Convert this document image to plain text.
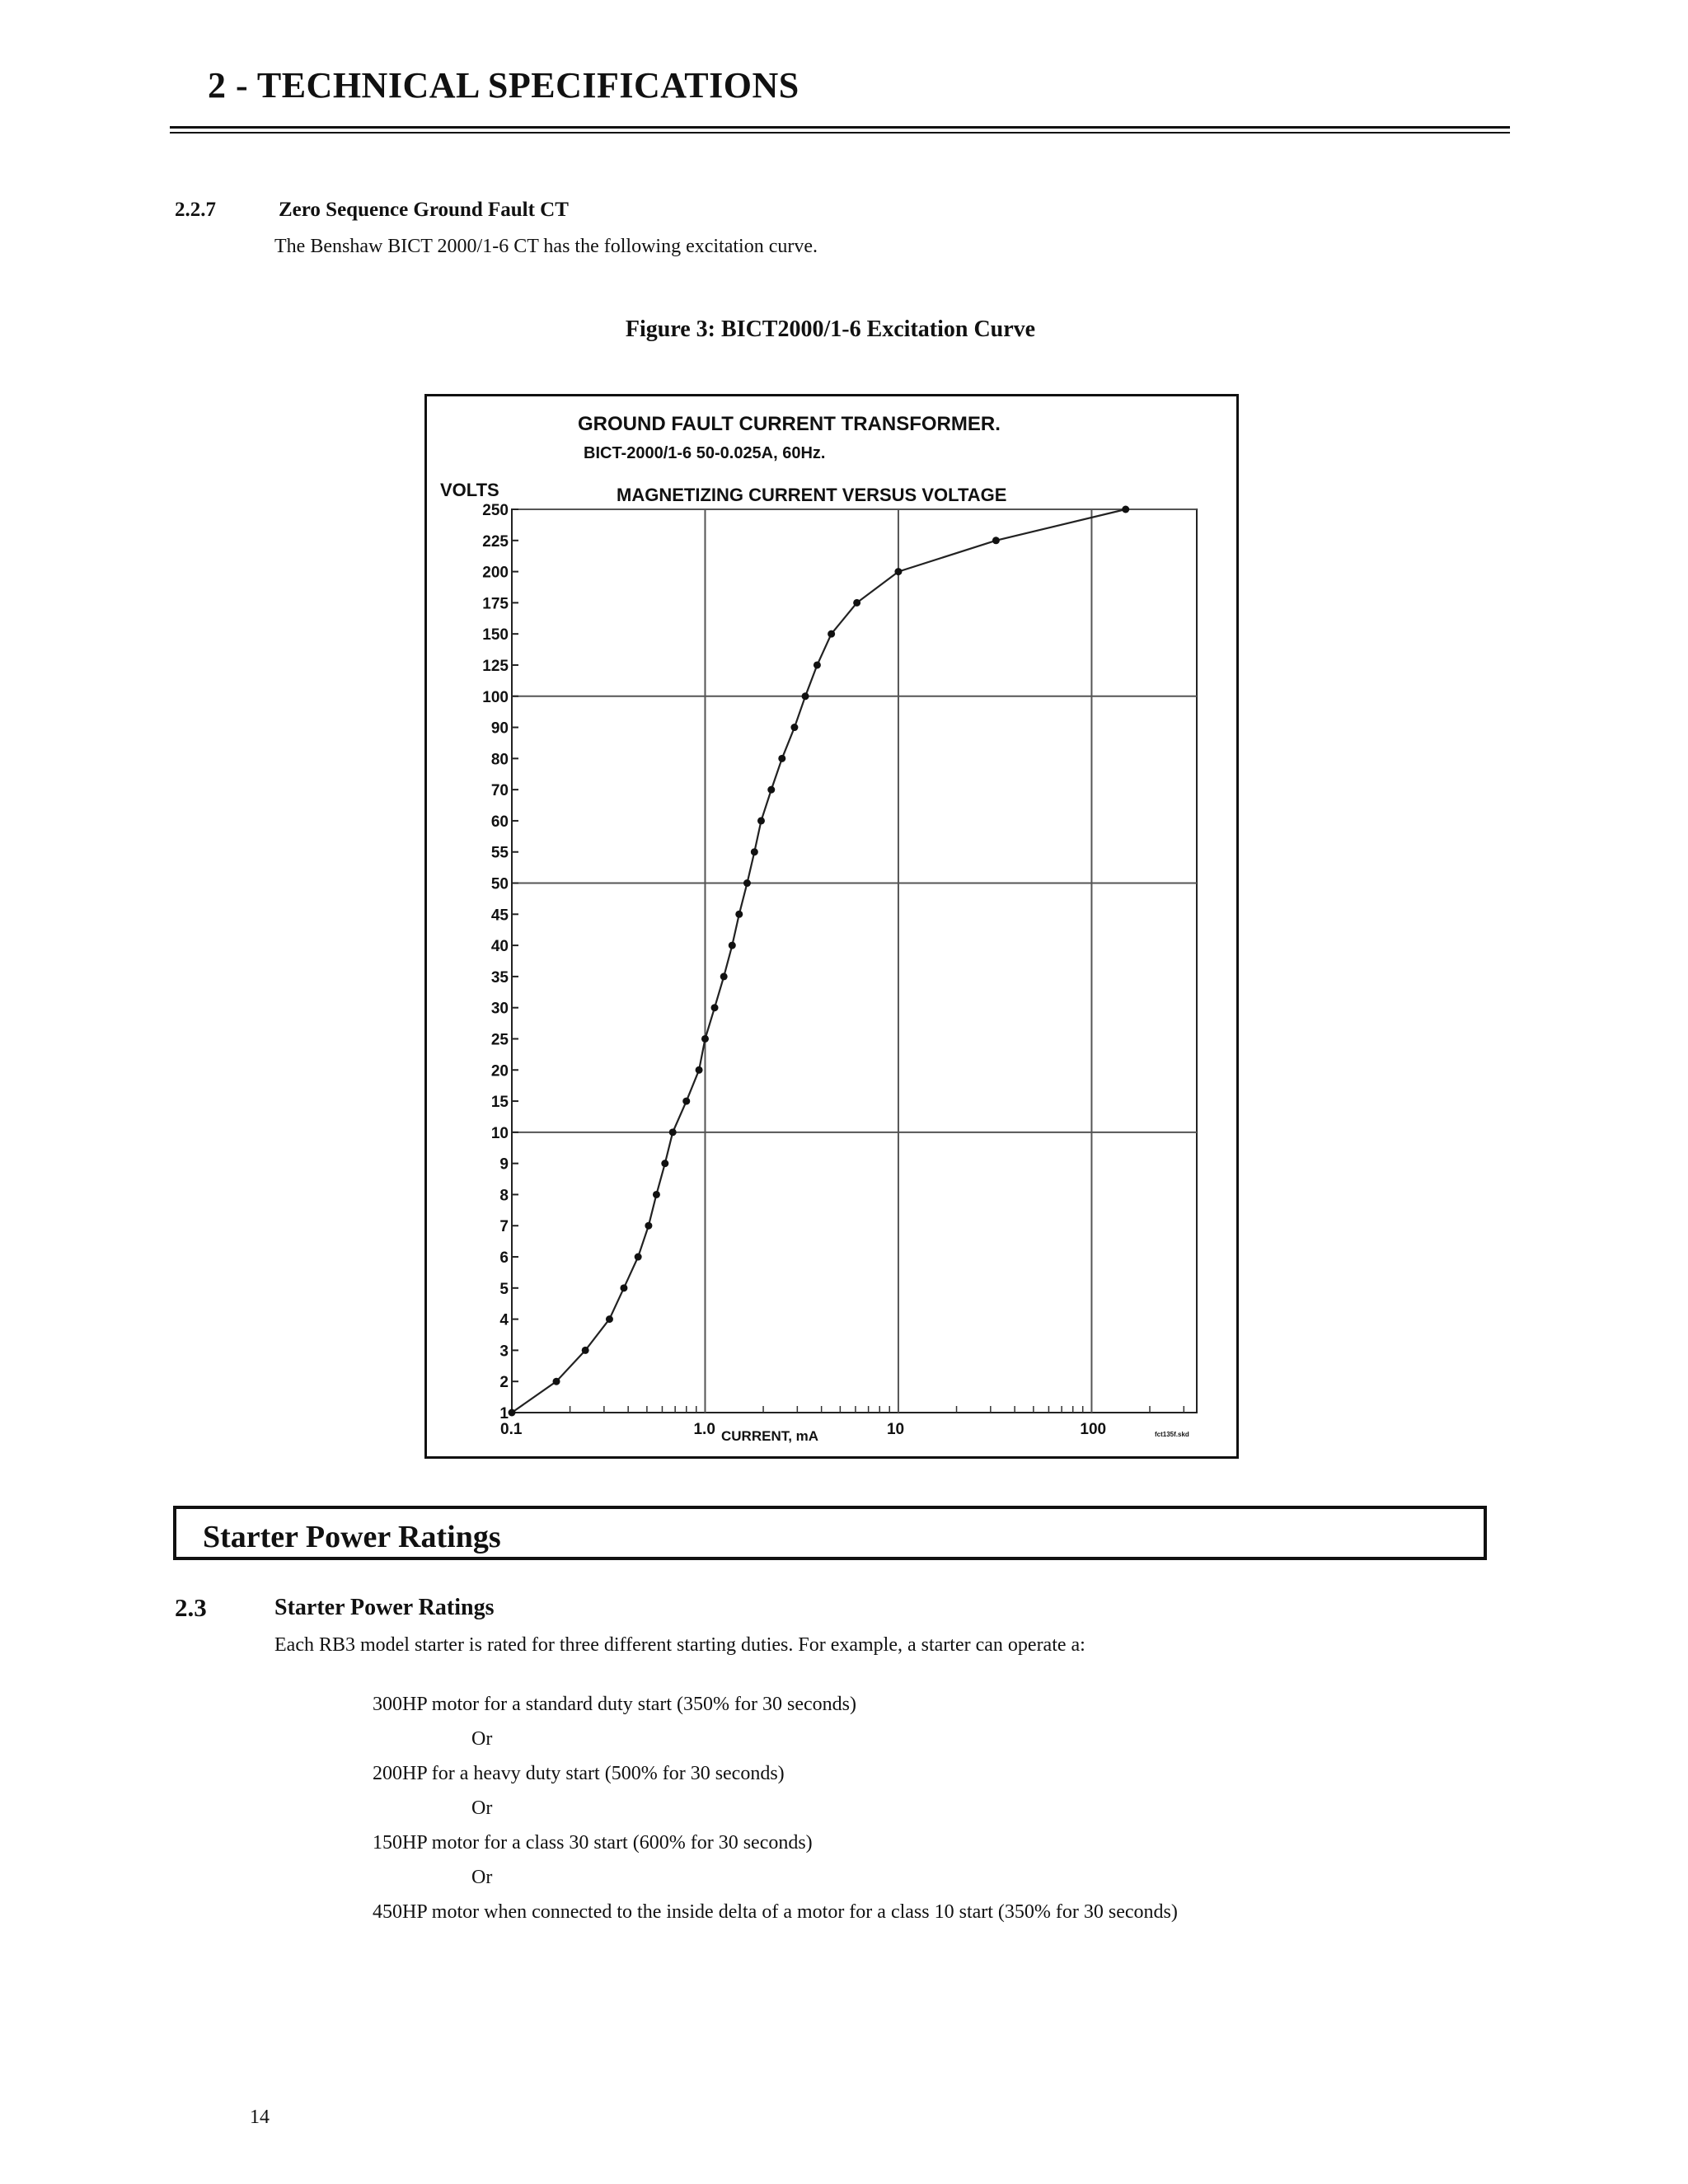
2 - TECHNICAL SPECIFICATIONS
2.2.7	Zero Sequence Ground Fault CT
The Benshaw BICT 2000/1-6 CT has the following excitation curve.
Figure 3: BICT2000/1-6 Excitation Curve
GROUND FAULT CURRENT TRANSFORMER.
BICT-2000/1-6 50-0.025A, 60Hz.
MAGNETIZING CURRENT VERSUS VOLTAGE
VOLTS
CURRENT, mA	fct135f.skd
1
2
3
4
5
6
7
8
9
10
15
20
25
30
35
40
45
50
55
60
70
80
90
100
125
150
175
200
225
250
0.1	1.0	10	100
Starter Power Ratings
2.3	Starter Power Ratings
Each RB3 model starter is rated for three different starting duties. For example, a starter can operate a:
300HP motor for a standard duty start (350% for 30 seconds)
Or
200HP for a heavy duty start (500% for 30 seconds)
Or
150HP motor for a class 30 start (600% for 30 seconds)
Or
450HP motor when connected to the inside delta of a motor for a class 10 start (350% for 30 seconds)
14
